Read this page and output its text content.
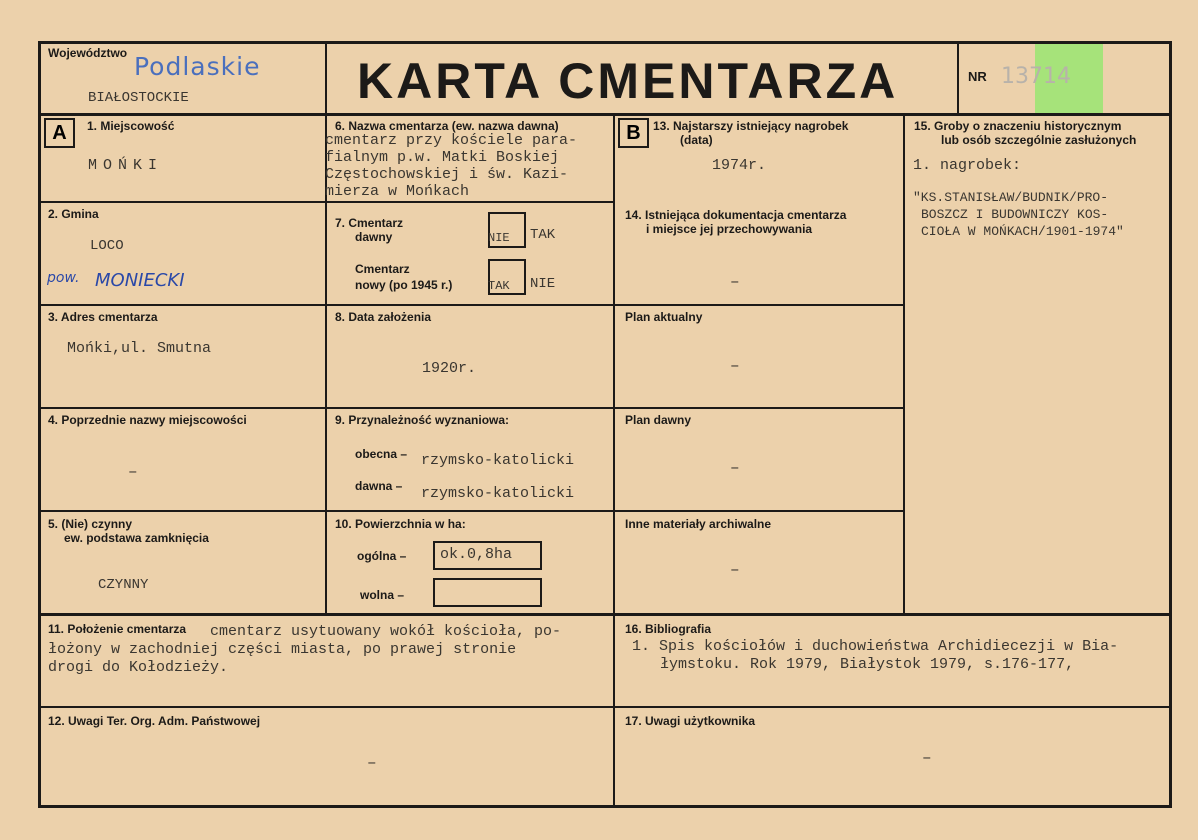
Województwo Podlaskie
BIAŁOSTOCKIE	KARTA CMENTARZA	NR 13714
A	B
1. Miejscowość
MOŃKI
2. Gmina
LOCO
pow. MONIECKI
3. Adres cmentarza
Mońki,ul. Smutna
4. Poprzednie nazwy miejscowości
–
5. (Nie) czynny
ew. podstawa zamknięcia
CZYNNY
6. Nazwa cmentarza (ew. nazwa dawna)
cmentarz przy kościele para-fialnym p.w. Matki Boskiej Częstochowskiej i św. Kazi-mierza w Mońkach
7. Cmentarz
dawny	NIE TAK
Cmentarz
nowy (po 1945 r.)	TAK NIE
8. Data założenia
1920r.
9. Przynależność wyznaniowa:
obecna – rzymsko-katolicki
dawna – rzymsko-katolicki
10. Powierzchnia w ha:
ogólna – ok.0,8ha
wolna –
11. Położenie cmentarza cmentarz usytuowany wokół kościoła, po-
łożony w zachodniej części miasta, po prawej stronie
drogi do Kołodzieży.
12. Uwagi Ter. Org. Adm. Państwowej
–
13. Najstarszy istniejący nagrobek
(data)
1974r.
14. Istniejąca dokumentacja cmentarza
i miejsce jej przechowywania
–
Plan aktualny
–
Plan dawny
–
Inne materiały archiwalne
–
15. Groby o znaczeniu historycznym
lub osób szczególnie zasłużonych
1. nagrobek:
"KS.STANISŁAW/BUDNIK/PRO-
BOSZCZ I BUDOWNICZY KOS-
CIOŁA W MOŃKACH/1901-1974"
16. Bibliografia
1. Spis kościołów i duchowieństwa Archidiecezji w Bia-
łymstoku. Rok 1979, Białystok 1979, s.176-177,
17. Uwagi użytkownika
–
